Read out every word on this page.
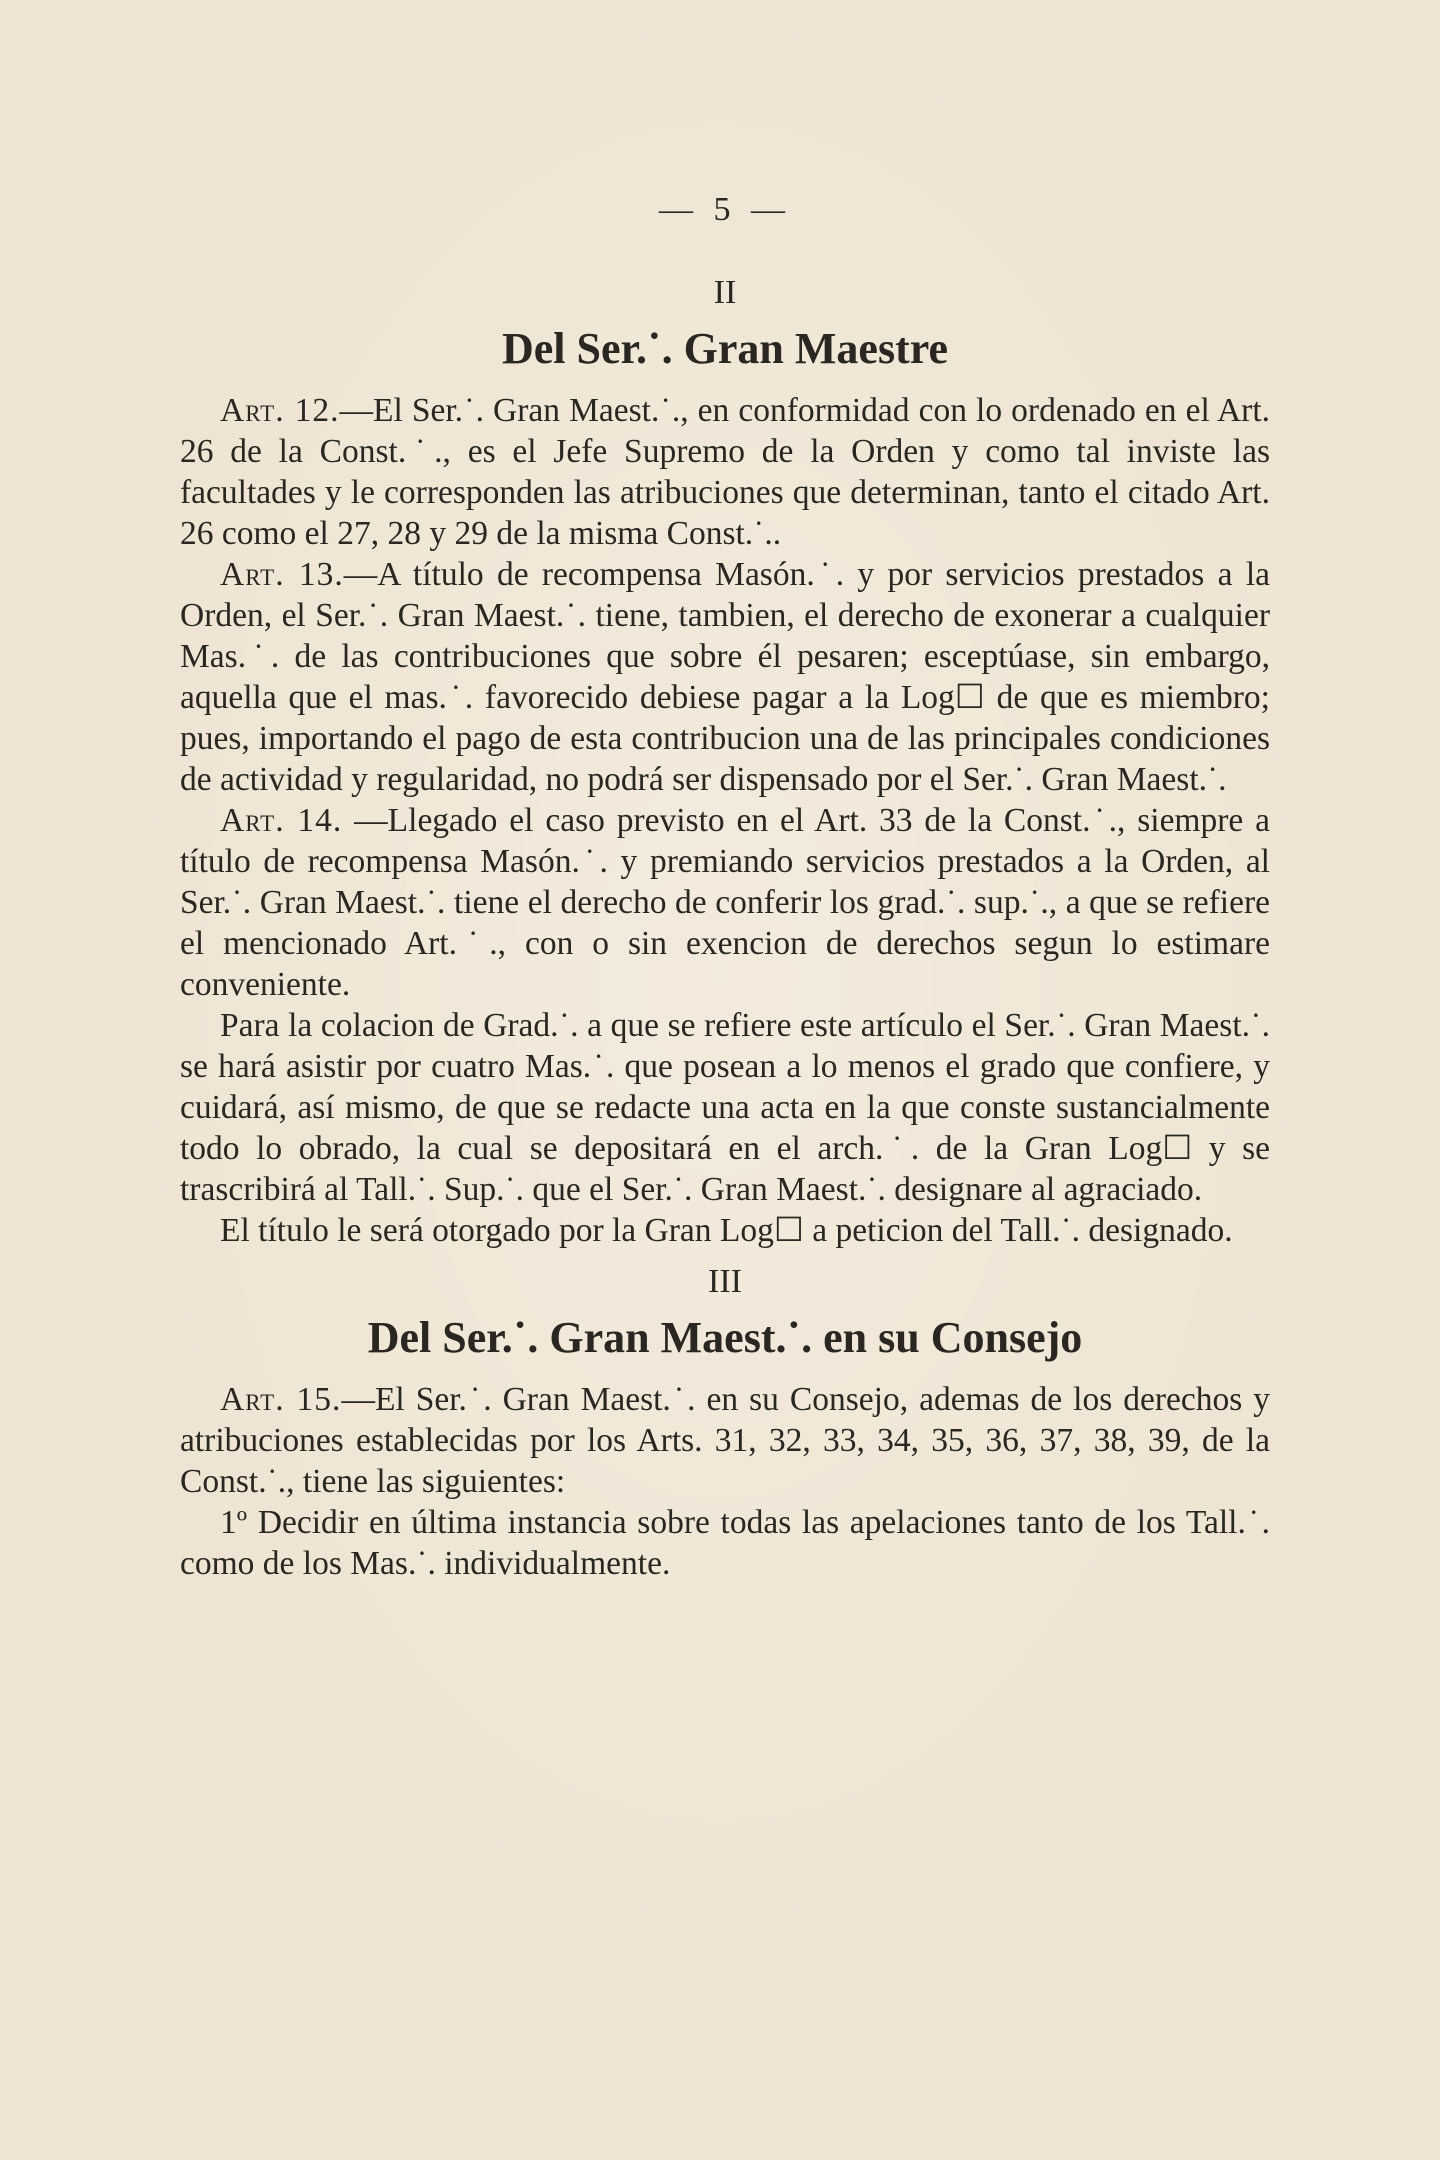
— 5 —
II
Del Ser.˙. Gran Maestre

Art. 12.—El Ser.˙. Gran Maest.˙., en conformidad con lo ordenado en el Art. 26 de la Const.˙., es el Jefe Supremo de la Orden y como tal inviste las facultades y le corresponden las atribuciones que determinan, tanto el citado Art. 26 como el 27, 28 y 29 de la misma Const.˙..

Art. 13.—A título de recompensa Masón.˙. y por servicios prestados a la Orden, el Ser.˙. Gran Maest.˙. tiene, tambien, el derecho de exonerar a cualquier Mas.˙. de las contribuciones que sobre él pesaren; esceptúase, sin embargo, aquella que el mas.˙. favorecido debiese pagar a la Log☐ de que es miembro; pues, importando el pago de esta contribucion una de las principales condiciones de actividad y regularidad, no podrá ser dispensado por el Ser.˙. Gran Maest.˙.

Art. 14. —Llegado el caso previsto en el Art. 33 de la Const.˙., siempre a título de recompensa Masón.˙. y premiando servicios prestados a la Orden, al Ser.˙. Gran Maest.˙. tiene el derecho de conferir los grad.˙. sup.˙., a que se refiere el mencionado Art.˙., con o sin exencion de derechos segun lo estimare conveniente.

Para la colacion de Grad.˙. a que se refiere este artículo el Ser.˙. Gran Maest.˙. se hará asistir por cuatro Mas.˙. que posean a lo menos el grado que confiere, y cuidará, así mismo, de que se redacte una acta en la que conste sustancialmente todo lo obrado, la cual se depositará en el arch.˙. de la Gran Log☐ y se trascribirá al Tall.˙. Sup.˙. que el Ser.˙. Gran Maest.˙. designare al agraciado.

El título le será otorgado por la Gran Log☐ a peticion del Tall.˙. designado.

III
Del Ser.˙. Gran Maest.˙. en su Consejo

Art. 15.—El Ser.˙. Gran Maest.˙. en su Consejo, ademas de los derechos y atribuciones establecidas por los Arts. 31, 32, 33, 34, 35, 36, 37, 38, 39, de la Const.˙., tiene las siguientes:

1º Decidir en última instancia sobre todas las apelaciones tanto de los Tall.˙. como de los Mas.˙. individualmente.
